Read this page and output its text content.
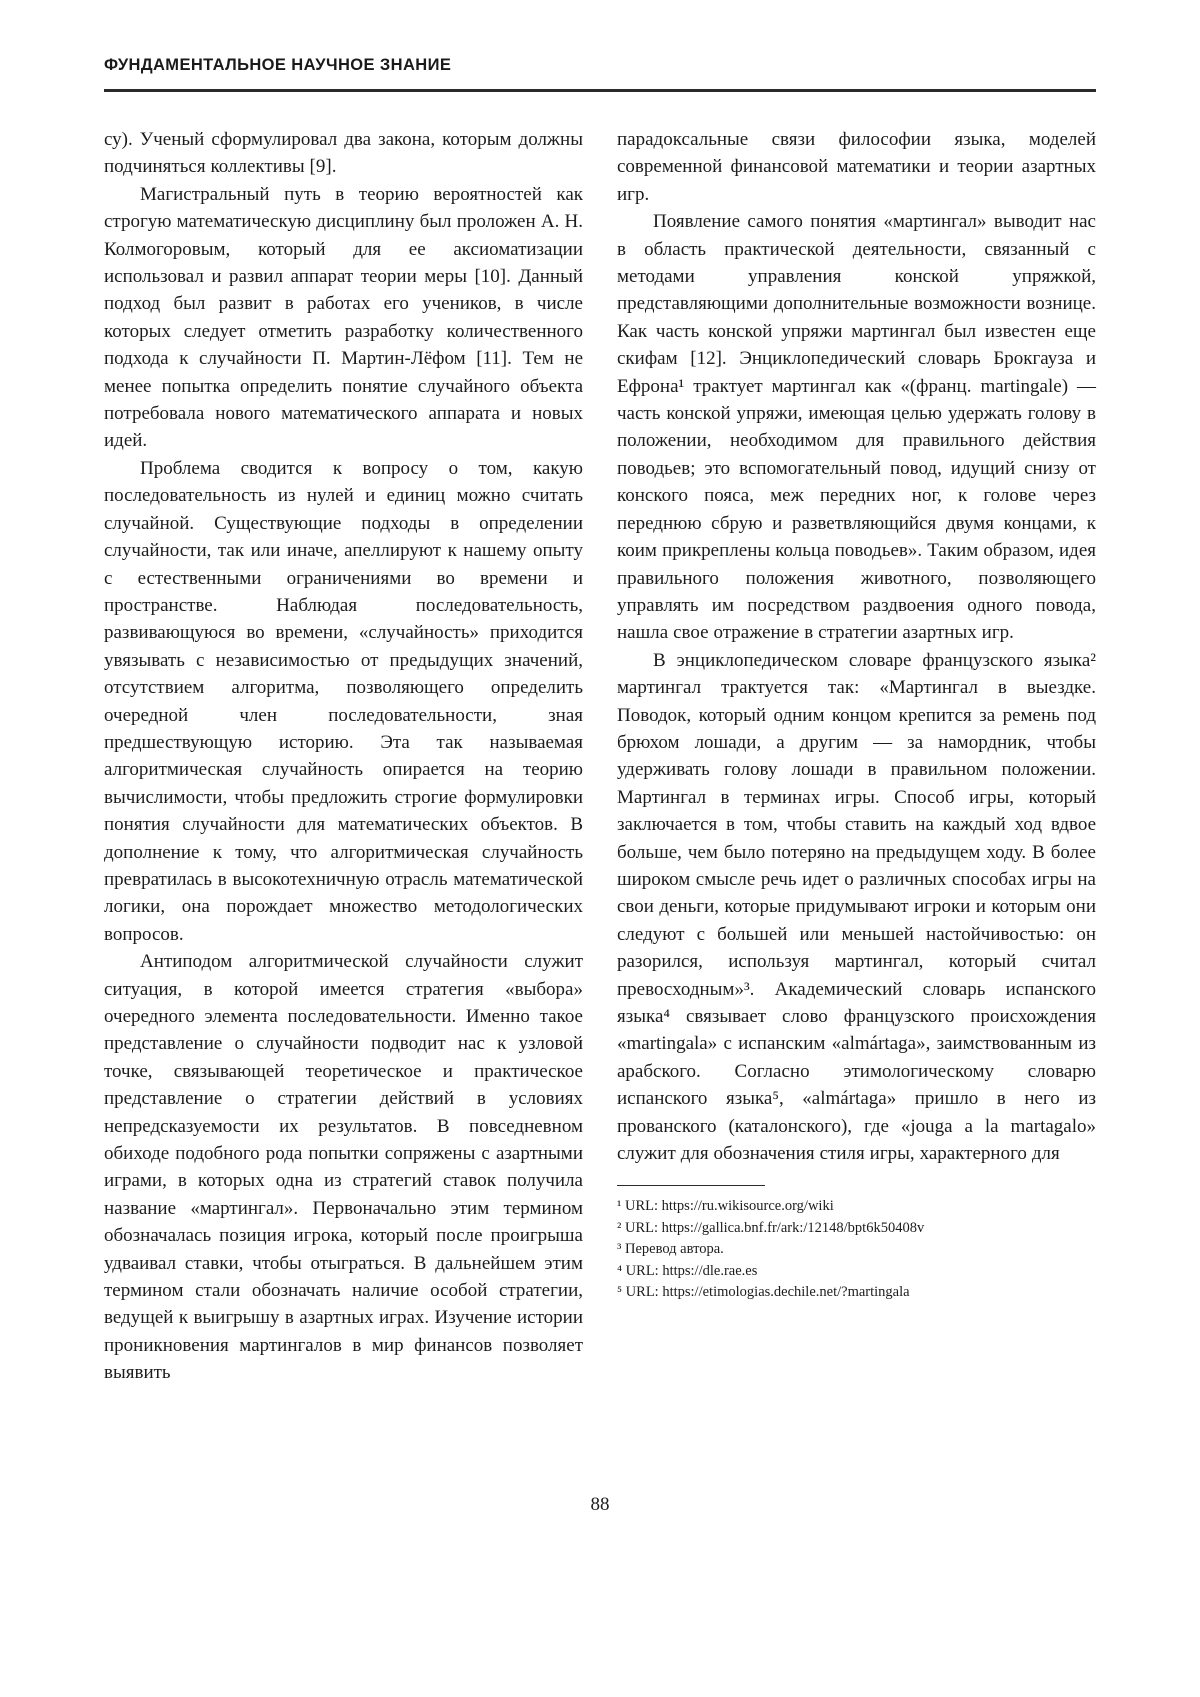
ФУНДАМЕНТАЛЬНОЕ НАУЧНОЕ ЗНАНИЕ

су). Ученый сформулировал два закона, которым должны подчиняться коллективы [9].

Магистральный путь в теорию вероятностей как строгую математическую дисциплину был проложен А. Н. Колмогоровым, который для ее аксиоматизации использовал и развил аппарат теории меры [10]. Данный подход был развит в работах его учеников, в числе которых следует отметить разработку количественного подхода к случайности П. Мартин-Лёфом [11]. Тем не менее попытка определить понятие случайного объекта потребовала нового математического аппарата и новых идей.

Проблема сводится к вопросу о том, какую последовательность из нулей и единиц можно считать случайной. Существующие подходы в определении случайности, так или иначе, апеллируют к нашему опыту с естественными ограничениями во времени и пространстве. Наблюдая последовательность, развивающуюся во времени, «случайность» приходится увязывать с независимостью от предыдущих значений, отсутствием алгоритма, позволяющего определить очередной член последовательности, зная предшествующую историю. Эта так называемая алгоритмическая случайность опирается на теорию вычислимости, чтобы предложить строгие формулировки понятия случайности для математических объектов. В дополнение к тому, что алгоритмическая случайность превратилась в высокотехничную отрасль математической логики, она порождает множество методологических вопросов.

Антиподом алгоритмической случайности служит ситуация, в которой имеется стратегия «выбора» очередного элемента последовательности. Именно такое представление о случайности подводит нас к узловой точке, связывающей теоретическое и практическое представление о стратегии действий в условиях непредсказуемости их результатов. В повседневном обиходе подобного рода попытки сопряжены с азартными играми, в которых одна из стратегий ставок получила название «мартингал». Первоначально этим термином обозначалась позиция игрока, который после проигрыша удваивал ставки, чтобы отыграться. В дальнейшем этим термином стали обозначать наличие особой стратегии, ведущей к выигрышу в азартных играх. Изучение истории проникновения мартингалов в мир финансов позволяет выявить

парадоксальные связи философии языка, моделей современной финансовой математики и теории азартных игр.

Появление самого понятия «мартингал» выводит нас в область практической деятельности, связанный с методами управления конской упряжкой, представляющими дополнительные возможности вознице. Как часть конской упряжи мартингал был известен еще скифам [12]. Энциклопедический словарь Брокгауза и Ефрона¹ трактует мартингал как «(франц. martingale) — часть конской упряжи, имеющая целью удержать голову в положении, необходимом для правильного действия поводьев; это вспомогательный повод, идущий снизу от конского пояса, меж передних ног, к голове через переднюю сбрую и разветвляющийся двумя концами, к коим прикреплены кольца поводьев». Таким образом, идея правильного положения животного, позволяющего управлять им посредством раздвоения одного повода, нашла свое отражение в стратегии азартных игр.

В энциклопедическом словаре французского языка² мартингал трактуется так: «Мартингал в выездке. Поводок, который одним концом крепится за ремень под брюхом лошади, а другим — за намордник, чтобы удерживать голову лошади в правильном положении. Мартингал в терминах игры. Способ игры, который заключается в том, чтобы ставить на каждый ход вдвое больше, чем было потеряно на предыдущем ходу. В более широком смысле речь идет о различных способах игры на свои деньги, которые придумывают игроки и которым они следуют с большей или меньшей настойчивостью: он разорился, используя мартингал, который считал превосходным»³. Академический словарь испанского языка⁴ связывает слово французского происхождения «martingala» с испанским «almártaga», заимствованным из арабского. Согласно этимологическому словарю испанского языка⁵, «almártaga» пришло в него из прованского (каталонского), где «jouga a la martagalo» служит для обозначения стиля игры, характерного для

¹ URL: https://ru.wikisource.org/wiki
² URL: https://gallica.bnf.fr/ark:/12148/bpt6k50408v
³ Перевод автора.
⁴ URL: https://dle.rae.es
⁵ URL: https://etimologias.dechile.net/?martingala
88
